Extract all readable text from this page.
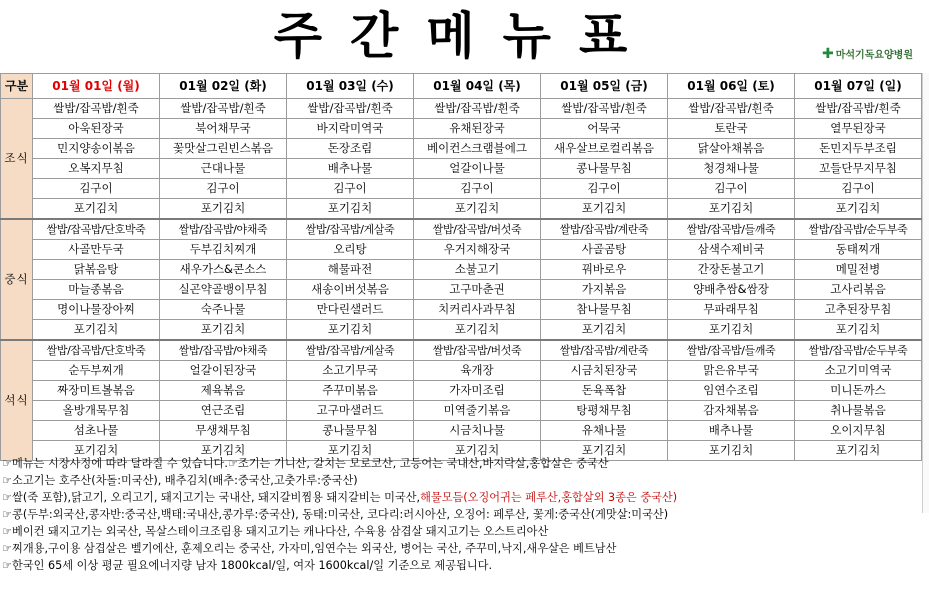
주간메뉴표	✚ 마석기독요양병원
구분	01월 01일 (월)	01월 02일 (화)	01월 03일 (수)	01월 04일 (목)	01월 05일 (금)	01월 06일 (토)	01월 07일 (일)
조식	쌀밥/잡곡밥/흰죽	쌀밥/잡곡밥/흰죽	쌀밥/잡곡밥/흰죽	쌀밥/잡곡밥/흰죽	쌀밥/잡곡밥/흰죽	쌀밥/잡곡밥/흰죽	쌀밥/잡곡밥/흰죽
	아욱된장국	북어채무국	바지락미역국	유채된장국	어묵국	토란국	열무된장국
	민지양송이볶음	꽃맛살그린빈스볶음	돈장조림	베이컨스크램블에그	새우살브로컬리볶음	닭살아채볶음	돈민지두부조림
	오복지무침	근대나물	배추나물	얼갈이나물	콩나물무침	청경채나물	꼬들단무지무침
	김구이	김구이	김구이	김구이	김구이	김구이	김구이
	포기김치	포기김치	포기김치	포기김치	포기김치	포기김치	포기김치
중식	쌀밥/잡곡밥/단호박죽	쌀밥/잡곡밥/야채죽	쌀밥/잡곡밥/게살죽	쌀밥/잡곡밥/버섯죽	쌀밥/잡곡밥/계란죽	쌀밥/잡곡밥/들깨죽	쌀밥/잡곡밥/순두부죽
	사골만두국	두부김치찌개	오리탕	우거지해장국	사골곰탕	삼색수제비국	동태찌개
	닭볶음탕	새우가스&콘소스	해물파전	소불고기	꿔바로우	간장돈불고기	메밀전병
	마늘종볶음	실곤약골뱅이무침	새송이버섯볶음	고구마춘권	가지볶음	양배추쌈&쌈장	고사리볶음
	명이나물장아찌	숙주나물	만다린샐러드	치커리사과무침	참나물무침	무파래무침	고추된장무침
	포기김치	포기김치	포기김치	포기김치	포기김치	포기김치	포기김치
석식	쌀밥/잡곡밥/단호박죽	쌀밥/잡곡밥/야채죽	쌀밥/잡곡밥/게살죽	쌀밥/잡곡밥/버섯죽	쌀밥/잡곡밥/계란죽	쌀밥/잡곡밥/들깨죽	쌀밥/잡곡밥/순두부죽
	순두부찌개	얼갈이된장국	소고기무국	육개장	시금치된장국	맑은유부국	소고기미역국
	짜장미트볼볶음	제육볶음	주꾸미볶음	가자미조림	돈육폭찹	임연수조림	미니돈까스
	올방개묵무침	연근조림	고구마샐러드	미역줄기볶음	탕평채무침	감자채볶음	취나물볶음
	섬초나물	무생채무침	콩나물무침	시금치나물	유채나물	배추나물	오이지무침
	포기김치	포기김치	포기김치	포기김치	포기김치	포기김치	포기김치
☞메뉴는 시장사정에 따라 달라질 수 있습니다.☞조기는 기니산, 갈치는 모로코산, 고등어는 국내산,바지락살,홍합살은 중국산
☞소고기는 호주산(차돌:미국산), 배추김치(배추:중국산,고춧가루:중국산)
☞쌀(죽 포함),닭고기, 오리고기, 돼지고기는 국내산, 돼지갈비찜용 돼지갈비는 미국산,해물모듬(오징어귀는 페루산,홍합살외 3종은 중국산)
☞콩(두부:외국산,콩자반:중국산,백태:국내산,콩가루:중국산), 동태:미국산, 코다리:러시아산, 오징어: 페루산, 꽃게:중국산(게맛살:미국산)
☞베이컨 돼지고기는 외국산, 목살스테이크조림용 돼지고기는 캐나다산, 수육용 삼겹살 돼지고기는 오스트리아산
☞찌개용,구이용 삼겹살은 벨기에산, 훈제오리는 중국산, 가자미,임연수는 외국산, 병어는 국산, 주꾸미,낙지,새우살은 베트남산
☞한국인 65세 이상 평균 필요에너지량 남자 1800kcal/일, 여자 1600kcal/일 기준으로 제공됩니다.
